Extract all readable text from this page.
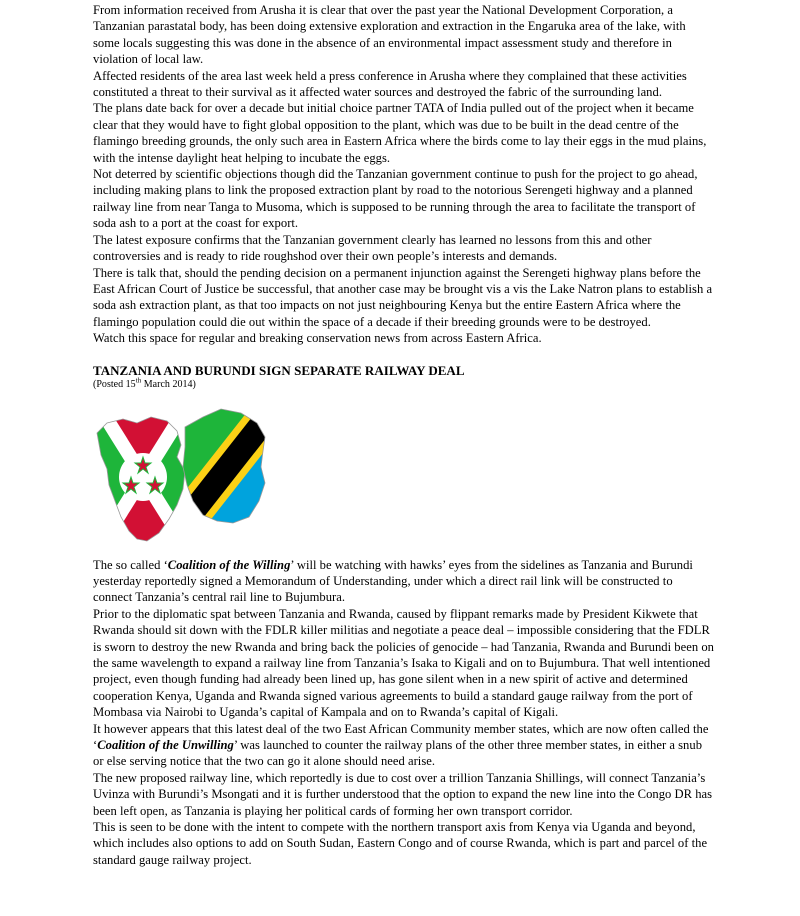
From information received from Arusha it is clear that over the past year the National Development Corporation, a Tanzanian parastatal body, has been doing extensive exploration and extraction in the Engaruka area of the lake, with some locals suggesting this was done in the absence of an environmental impact assessment study and therefore in violation of local law.

Affected residents of the area last week held a press conference in Arusha where they complained that these activities constituted a threat to their survival as it affected water sources and destroyed the fabric of the surrounding land.

The plans date back for over a decade but initial choice partner TATA of India pulled out of the project when it became clear that they would have to fight global opposition to the plant, which was due to be built in the dead centre of the flamingo breeding grounds, the only such area in Eastern Africa where the birds come to lay their eggs in the mud plains, with the intense daylight heat helping to incubate the eggs.

Not deterred by scientific objections though did the Tanzanian government continue to push for the project to go ahead, including making plans to link the proposed extraction plant by road to the notorious Serengeti highway and a planned railway line from near Tanga to Musoma, which is supposed to be running through the area to facilitate the transport of soda ash to a port at the coast for export.

The latest exposure confirms that the Tanzanian government clearly has learned no lessons from this and other controversies and is ready to ride roughshod over their own people’s interests and demands.

There is talk that, should the pending decision on a permanent injunction against the Serengeti highway plans before the East African Court of Justice be successful, that another case may be brought vis a vis the Lake Natron plans to establish a soda ash extraction plant, as that too impacts on not just neighbouring Kenya but the entire Eastern Africa where the flamingo population could die out within the space of a decade if their breeding grounds were to be destroyed.

Watch this space for regular and breaking conservation news from across Eastern Africa.

TANZANIA AND BURUNDI SIGN SEPARATE RAILWAY DEAL

(Posted 15th March 2014)

The so called ‘Coalition of the Willing’ will be watching with hawks’ eyes from the sidelines as Tanzania and Burundi yesterday reportedly signed a Memorandum of Understanding, under which a direct rail link will be constructed to connect Tanzania’s central rail line to Bujumbura.

Prior to the diplomatic spat between Tanzania and Rwanda, caused by flippant remarks made by President Kikwete that Rwanda should sit down with the FDLR killer militias and negotiate a peace deal – impossible considering that the FDLR is sworn to destroy the new Rwanda and bring back the policies of genocide – had Tanzania, Rwanda and Burundi been on the same wavelength to expand a railway line from Tanzania’s Isaka to Kigali and on to Bujumbura. That well intentioned project, even though funding had already been lined up, has gone silent when in a new spirit of active and determined cooperation Kenya, Uganda and Rwanda signed various agreements to build a standard gauge railway from the port of Mombasa via Nairobi to Uganda’s capital of Kampala and on to Rwanda’s capital of Kigali.

It however appears that this latest deal of the two East African Community member states, which are now often called the ‘Coalition of the Unwilling’ was launched to counter the railway plans of the other three member states, in either a snub or else serving notice that the two can go it alone should need arise.

The new proposed railway line, which reportedly is due to cost over a trillion Tanzania Shillings, will connect Tanzania’s Uvinza with Burundi’s Msongati and it is further understood that the option to expand the new line into the Congo DR has been left open, as Tanzania is playing her political cards of forming her own transport corridor.

This is seen to be done with the intent to compete with the northern transport axis from Kenya via Uganda and beyond, which includes also options to add on South Sudan, Eastern Congo and of course Rwanda, which is part and parcel of the standard gauge railway project.
